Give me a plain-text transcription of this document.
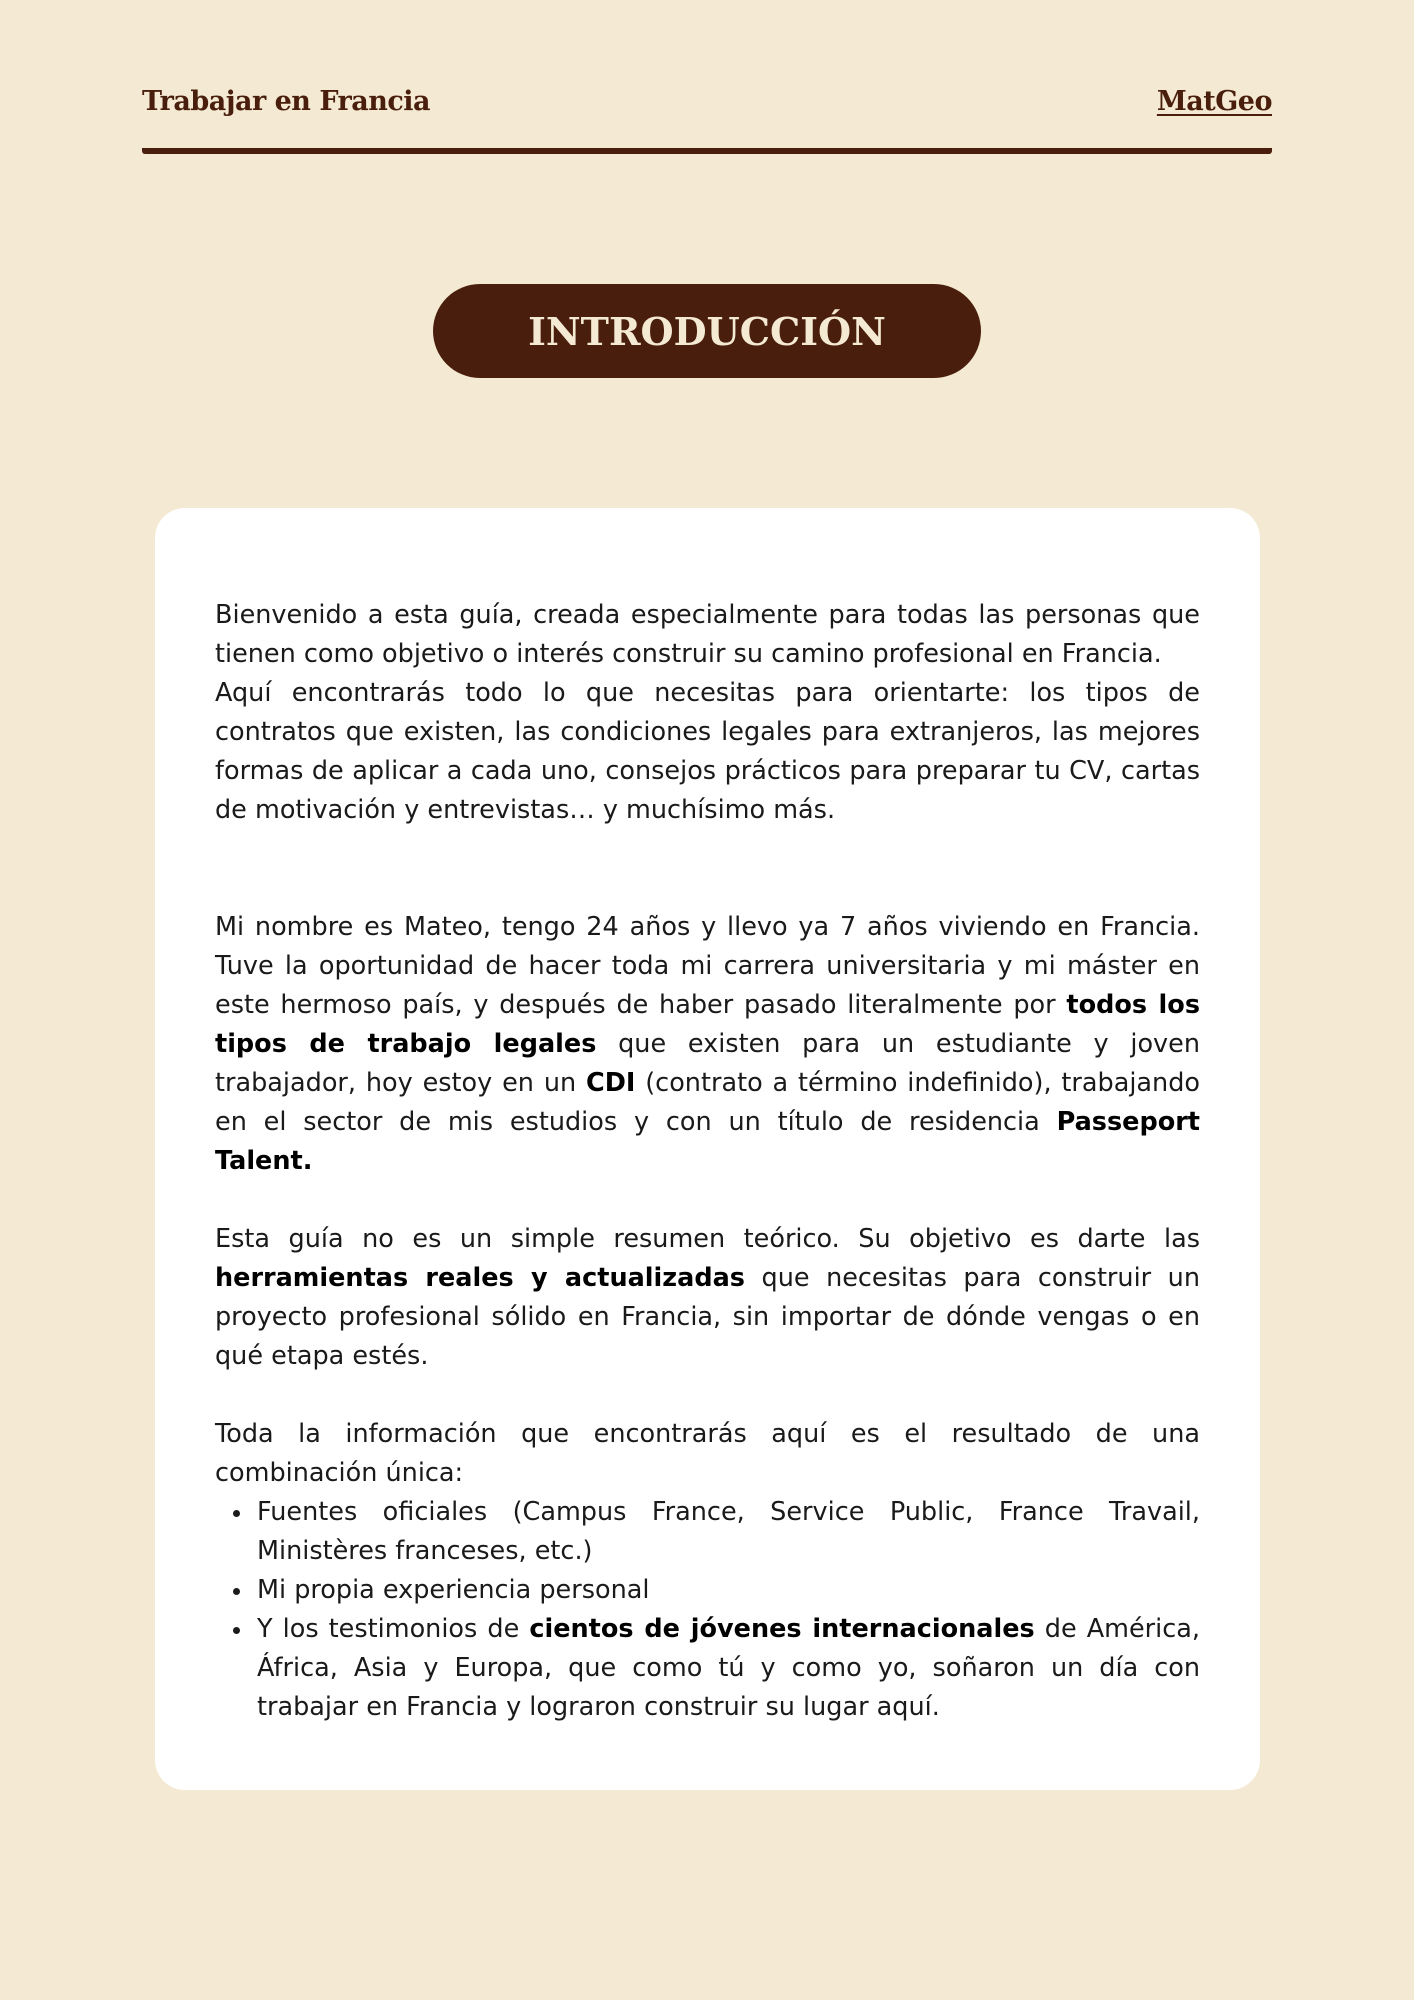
Trabajar en Francia	MatGeo
INTRODUCCIÓN

Bienvenido a esta guía, creada especialmente para todas las personas que tienen como objetivo o interés construir su camino profesional en Francia.

Aquí encontrarás todo lo que necesitas para orientarte: los tipos de contratos que existen, las condiciones legales para extranjeros, las mejores formas de aplicar a cada uno, consejos prácticos para preparar tu CV, cartas de motivación y entrevistas… y muchísimo más.

Mi nombre es Mateo, tengo 24 años y llevo ya 7 años viviendo en Francia. Tuve la oportunidad de hacer toda mi carrera universitaria y mi máster en este hermoso país, y después de haber pasado literalmente por todos los tipos de trabajo legales que existen para un estudiante y joven trabajador, hoy estoy en un CDI (contrato a término indefinido), trabajando en el sector de mis estudios y con un título de residencia Passeport Talent.

Esta guía no es un simple resumen teórico. Su objetivo es darte las herramientas reales y actualizadas que necesitas para construir un proyecto profesional sólido en Francia, sin importar de dónde vengas o en qué etapa estés.

Toda la información que encontrarás aquí es el resultado de una combinación única:

Fuentes oficiales (Campus France, Service Public, France Travail, Ministères franceses, etc.)
Mi propia experiencia personal
Y los testimonios de cientos de jóvenes internacionales de América, África, Asia y Europa, que como tú y como yo, soñaron un día con trabajar en Francia y lograron construir su lugar aquí.
